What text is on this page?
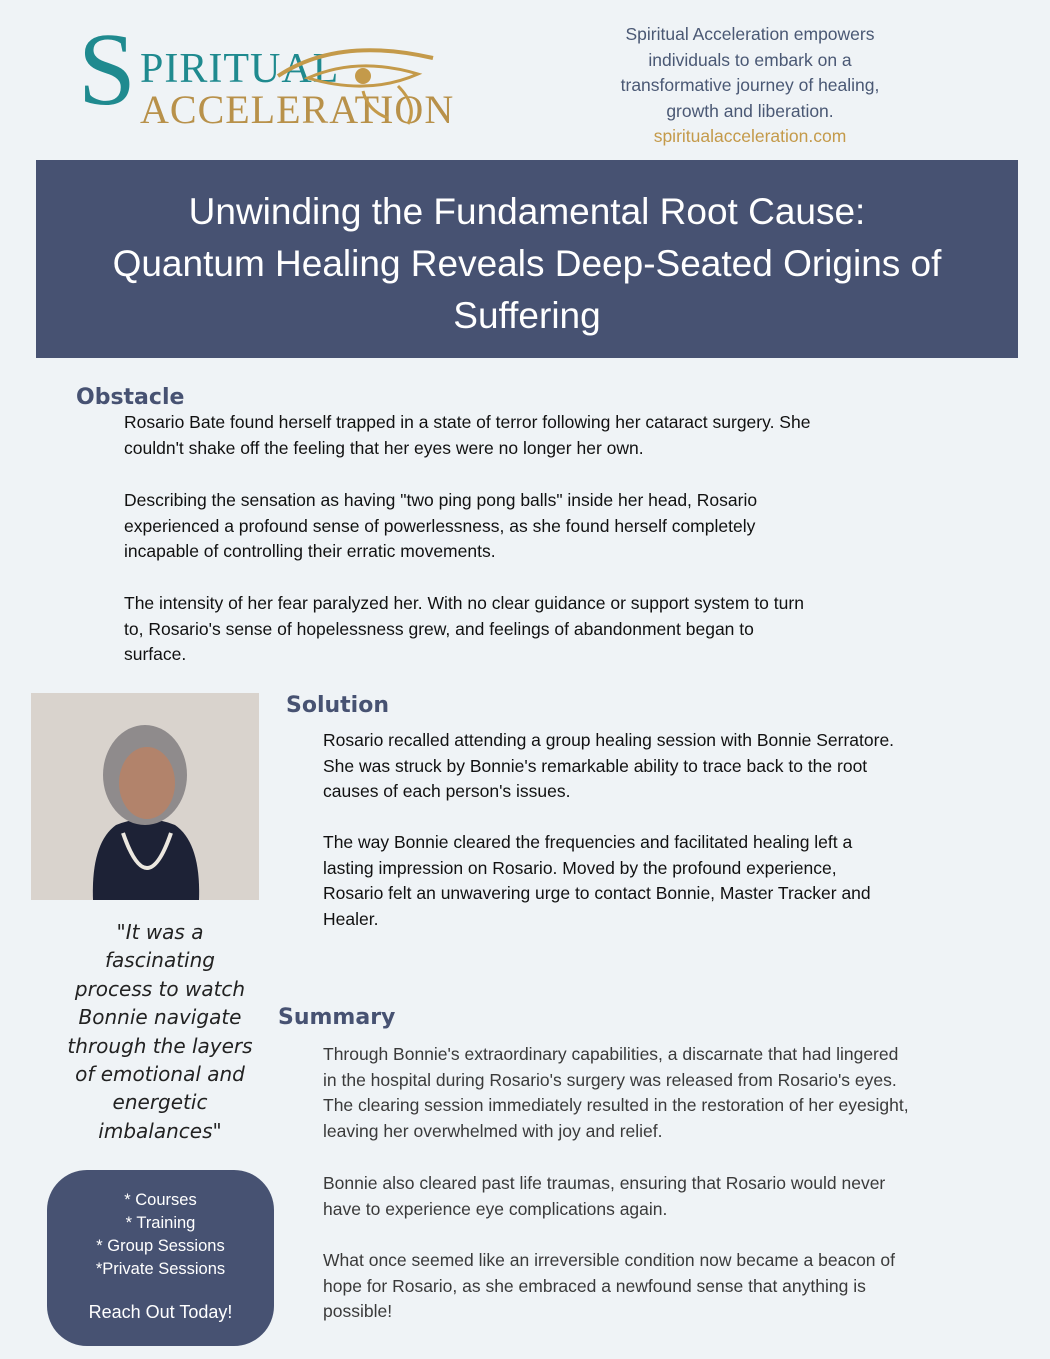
S PIRITUAL
ACCELERATION
Spiritual Acceleration empowers
individuals to embark on a
transformative journey of healing,
growth and liberation.
spiritualacceleration.com
Unwinding the Fundamental Root Cause:
Quantum Healing Reveals Deep-Seated Origins of
Suffering
Obstacle
Rosario Bate found herself trapped in a state of terror following her cataract surgery. She
couldn't shake off the feeling that her eyes were no longer her own.
Describing the sensation as having "two ping pong balls" inside her head, Rosario
experienced a profound sense of powerlessness, as she found herself completely
incapable of controlling their erratic movements.
The intensity of her fear paralyzed her. With no clear guidance or support system to turn
to, Rosario's sense of hopelessness grew, and feelings of abandonment began to
surface.
Solution
Rosario recalled attending a group healing session with Bonnie Serratore.
She was struck by Bonnie's remarkable ability to trace back to the root
causes of each person's issues.
The way Bonnie cleared the frequencies and facilitated healing left a
lasting impression on Rosario. Moved by the profound experience,
Rosario felt an unwavering urge to contact Bonnie, Master Tracker and
Healer.
"It was a
fascinating
process to watch
Bonnie navigate
through the layers
of emotional and
energetic
imbalances"
Summary
Through Bonnie's extraordinary capabilities, a discarnate that had lingered
in the hospital during Rosario's surgery was released from Rosario's eyes.
The clearing session immediately resulted in the restoration of her eyesight,
leaving her overwhelmed with joy and relief.
Bonnie also cleared past life traumas, ensuring that Rosario would never
have to experience eye complications again.
What once seemed like an irreversible condition now became a beacon of
hope for Rosario, as she embraced a newfound sense that anything is
possible!
* Courses
* Training
* Group Sessions
*Private Sessions
Reach Out Today!
